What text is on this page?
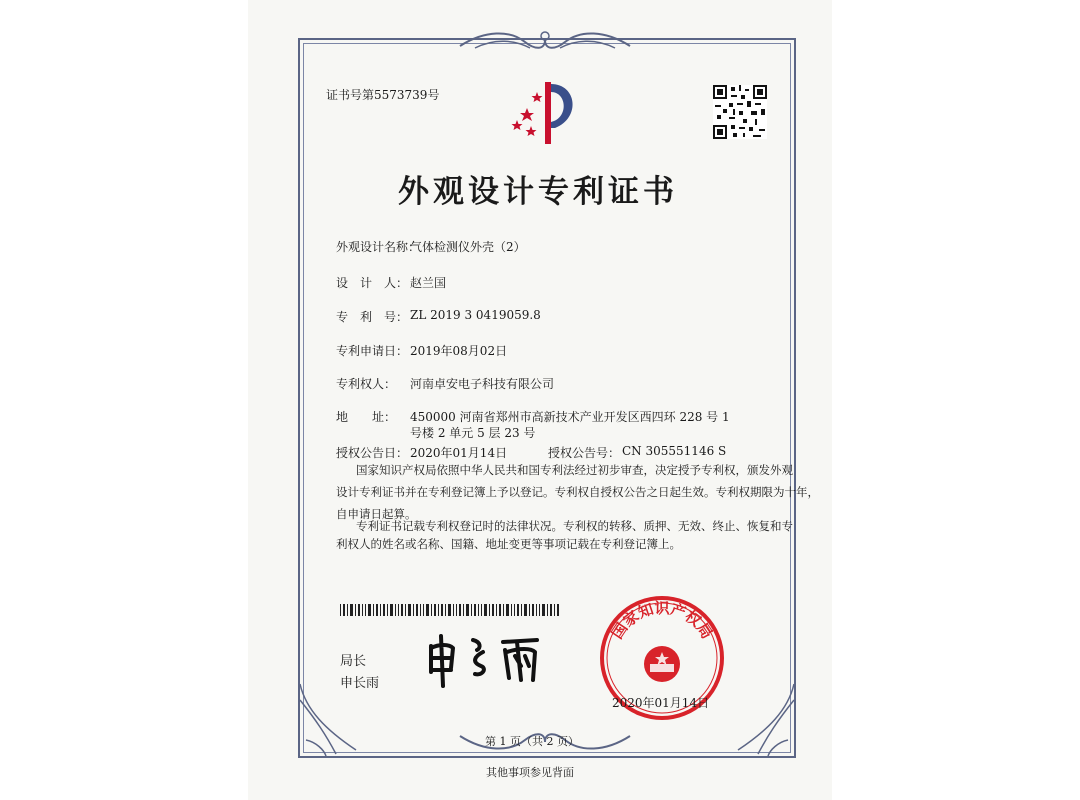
证书号第5573739号
外观设计专利证书
外观设计名称：
气体检测仪外壳（2）
设　计　人： 赵兰国
专　利　号： ZL 2019 3 0419059.8
专利申请日： 2019年08月02日
专利权人： 河南卓安电子科技有限公司
地　　址： 450000 河南省郑州市高新技术产业开发区西四环 228 号 1
号楼 2 单元 5 层 23 号
授权公告日： 2020年01月14日	授权公告号： CN 305551146 S
国家知识产权局依照中华人民共和国专利法经过初步审查，决定授予专利权，颁发外观
设计专利证书并在专利登记簿上予以登记。专利权自授权公告之日起生效。专利权期限为十年，
自申请日起算。
专利证书记载专利权登记时的法律状况。专利权的转移、质押、无效、终止、恢复和专
利权人的姓名或名称、国籍、地址变更等事项记载在专利登记簿上。
局长
申长雨
国家知识产权局
2020年01月14日
第 1 页（共 2 页）
其他事项参见背面
